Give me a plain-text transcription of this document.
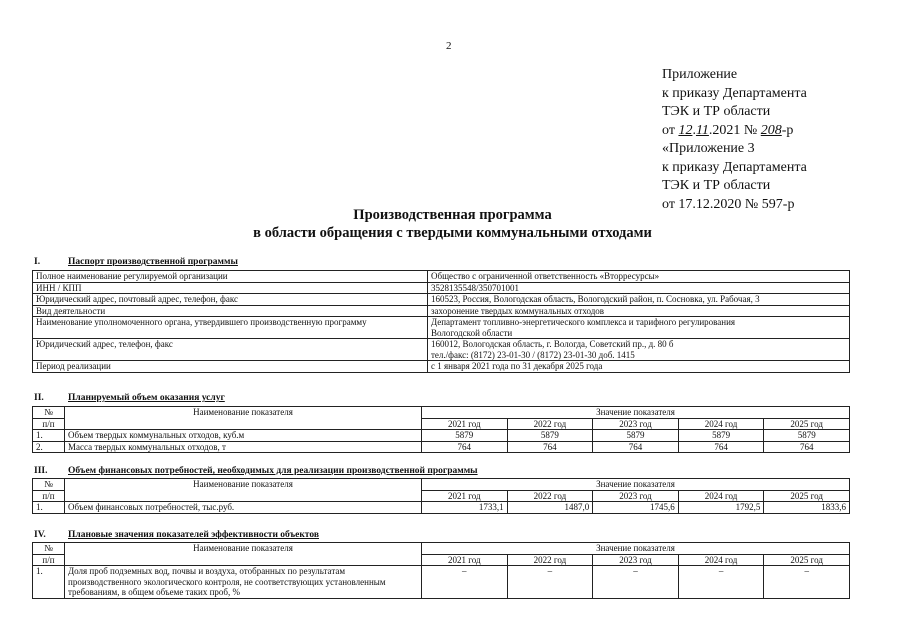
2
Приложение
к приказу Департамента
ТЭК и ТР области
от 12.11.2021 № 208-р
«Приложение 3
к приказу Департамента
ТЭК и ТР области
от 17.12.2020 № 597-р
Производственная программа
в области обращения с твердыми коммунальными отходами
I.	Паспорт производственной программы
Полное наименование регулируемой организации	Общество с ограниченной ответственность «Вторресурсы»
ИНН / КПП	3528135548/350701001
Юридический адрес, почтовый адрес, телефон, факс	160523, Россия, Вологодская область, Вологодский район, п. Сосновка, ул. Рабочая, 3
Вид деятельности	захоронение твердых коммунальных отходов
Наименование уполномоченного органа, утвердившего производственную программу	Департамент топливно-энергетического комплекса и тарифного регулирования
Вологодской области

Юридический адрес, телефон, факс	160012, Вологодская область, г. Вологда, Советский пр., д. 80 б
тел./факс: (8172) 23-01-30 / (8172) 23-01-30 доб. 1415

Период реализации	с 1 января 2021 года по 31 декабря 2025 года
II.	Планируемый объем оказания услуг
№	Наименование показателя	Значение показателя				
п/п		2021 год	2022 год	2023 год	2024 год	2025 год
1.	Объем твердых коммунальных отходов, куб.м	5879	5879	5879	5879	5879
2.	Масса твердых коммунальных отходов, т	764	764	764	764	764
III. Объем финансовых потребностей, необходимых для реализации производственной программы
№	Наименование показателя	Значение показателя				
п/п		2021 год	2022 год	2023 год	2024 год	2025 год
1.	Объем финансовых потребностей, тыс.руб.	1733,1	1487,0	1745,6	1792,5	1833,6
IV. Плановые значения показателей эффективности объектов
№	Наименование показателя	Значение показателя				
п/п		2021 год	2022 год	2023 год	2024 год	2025 год
1.	Доля проб подземных вод, почвы и воздуха, отобранных по результатам производственного экологического контроля, не соответствующих установленным требованиям, в общем объеме таких проб, %	–	–	–	–	–
